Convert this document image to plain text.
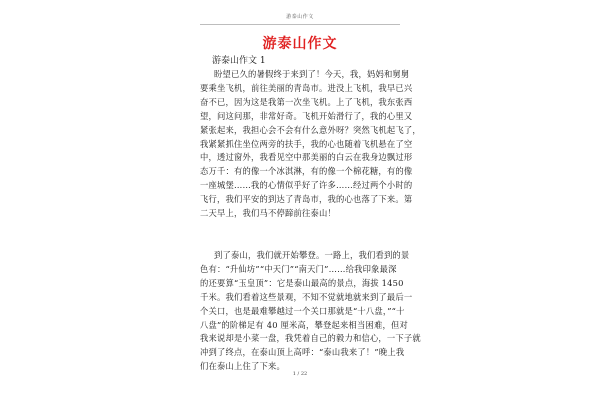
游泰山作文
游泰山作文
游泰山作文 1
盼望已久的暑假终于来到了！今天，我，妈妈和舅舅
要乘坐飞机，前往美丽的青岛市。进没上飞机，我早已兴
奋不已，因为这是我第一次坐飞机。上了飞机，我东张西
望，问这问那，非常好奇。飞机开始滑行了，我的心里又
紧张起来，我担心会不会有什么意外呀？突然飞机起飞了，
我紧紧抓住坐位两旁的扶手，我的心也随着飞机悬在了空
中，透过窗外，我看见空中那美丽的白云在我身边飘过形
态万千：有的像一个冰淇淋，有的像一个棉花糖，有的像
一座城堡……我的心情似乎好了许多……经过两个小时的
飞行，我们平安的到达了青岛市，我的心也落了下来。第
二天早上，我们马不停蹄前往泰山！
到了泰山，我们就开始攀登。一路上，我们看到的景
色有：“升仙坊”“中天门”“南天门”……给我印象最深
的还要算“玉皇顶”：它是泰山最高的景点，海拔 1450
千米。我们看着这些景观，不知不觉就地就来到了最后一
个关口，也是最难攀越过一个关口那就是“十八盘，”“十
八盘”的阶梯足有 40 厘米高，攀登起来相当困难，但对
我来说却是小菜一盘，我凭着自己的毅力和信心，一下子就
冲到了终点，在泰山顶上高呼：“泰山我来了！”晚上我
们在泰山上住了下来。
1 / 22
